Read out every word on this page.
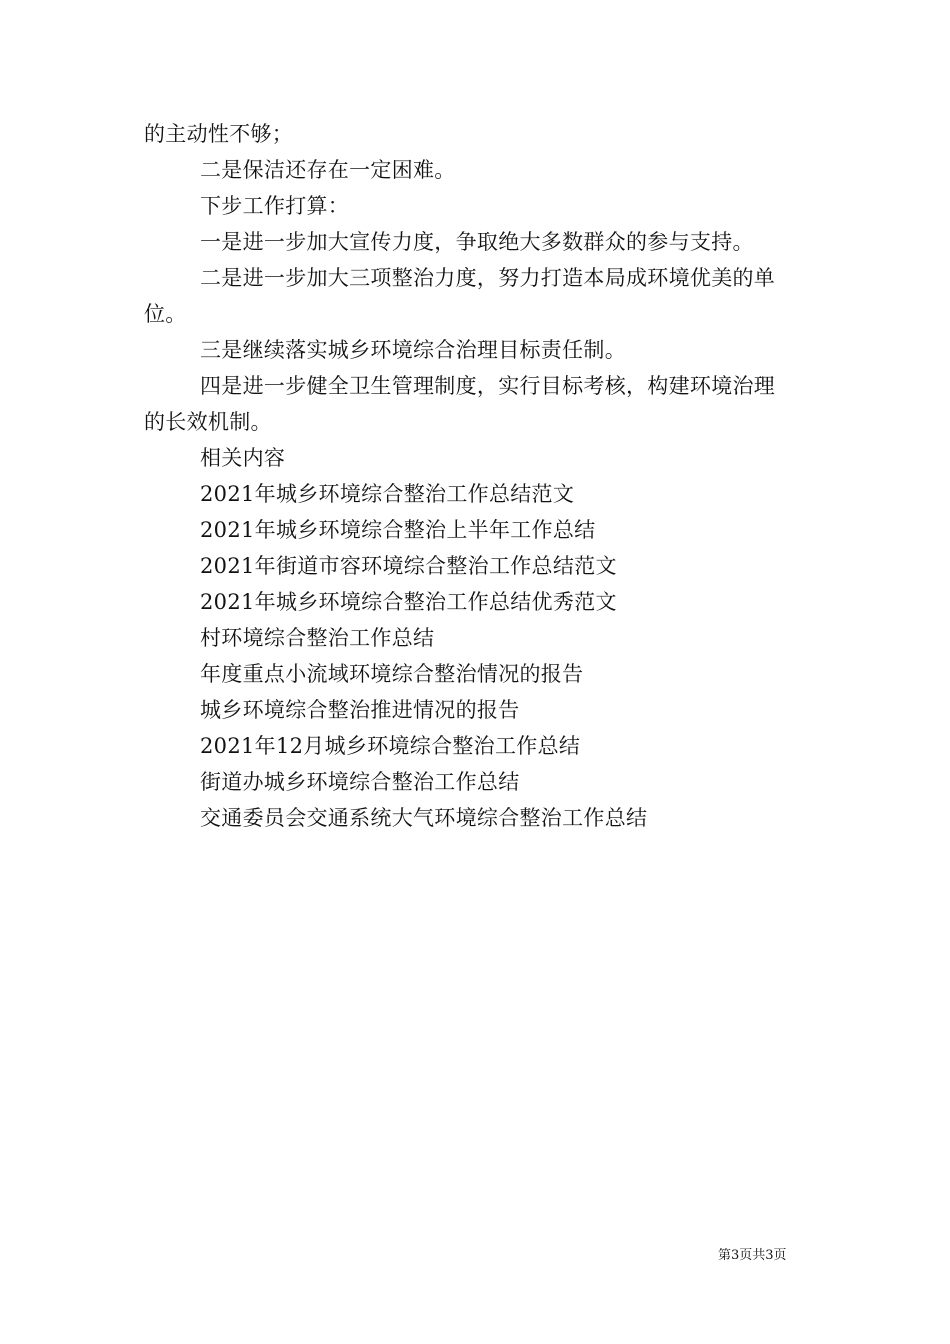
的主动性不够；
二是保洁还存在一定困难。
下步工作打算：
一是进一步加大宣传力度，争取绝大多数群众的参与支持。
二是进一步加大三项整治力度，努力打造本局成环境优美的单
位。
三是继续落实城乡环境综合治理目标责任制。
四是进一步健全卫生管理制度，实行目标考核，构建环境治理
的长效机制。
相关内容
2021年城乡环境综合整治工作总结范文
2021年城乡环境综合整治上半年工作总结
2021年街道市容环境综合整治工作总结范文
2021年城乡环境综合整治工作总结优秀范文
村环境综合整治工作总结
年度重点小流域环境综合整治情况的报告
城乡环境综合整治推进情况的报告
2021年12月城乡环境综合整治工作总结
街道办城乡环境综合整治工作总结
交通委员会交通系统大气环境综合整治工作总结
第3页共3页
